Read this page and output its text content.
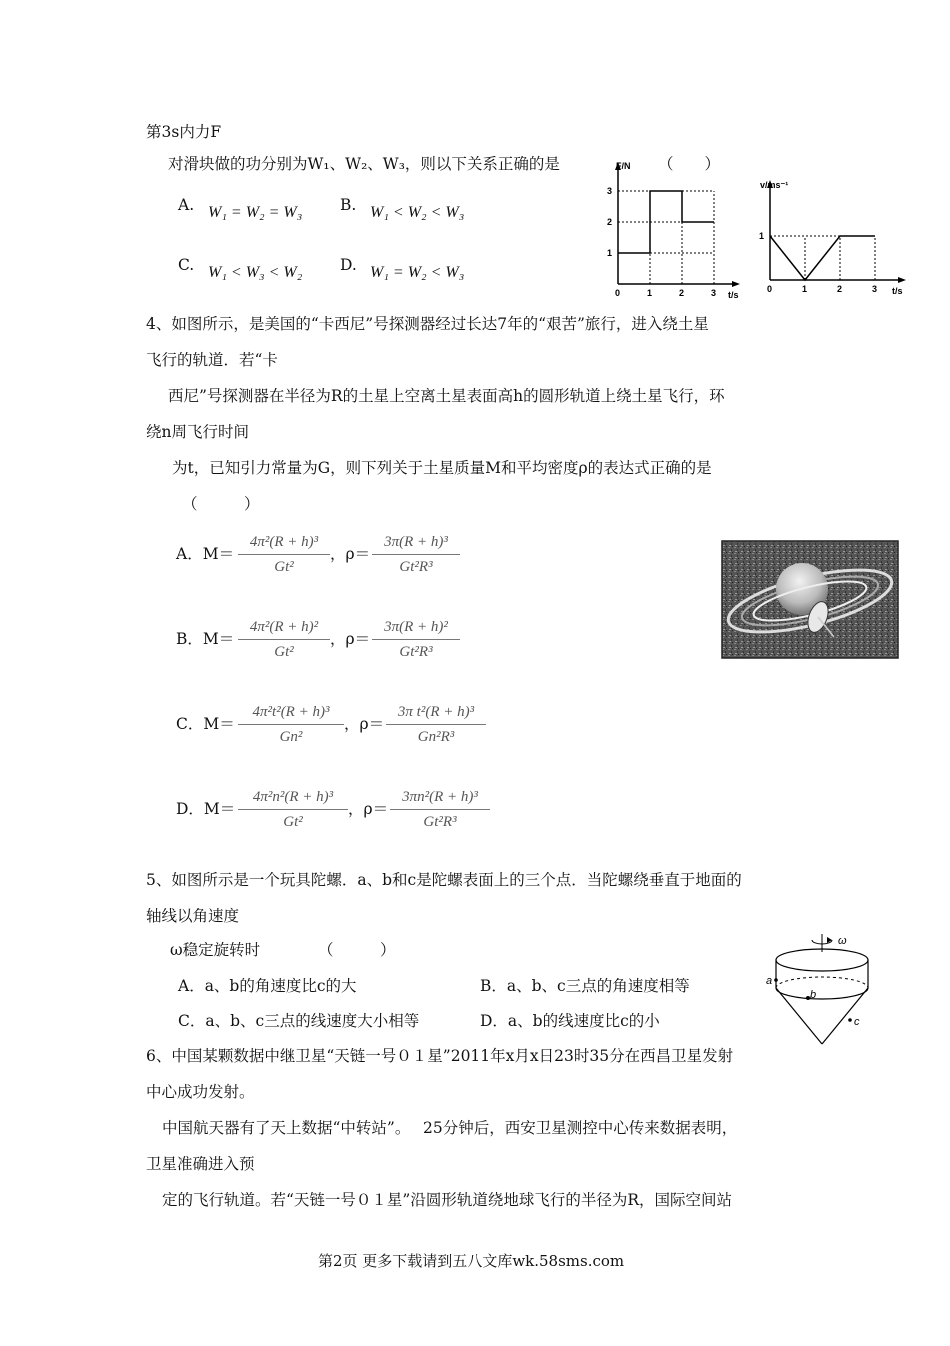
第3s内力F
对滑块做的功分别为W₁、W₂、W₃，则以下关系正确的是	（　　）
A. W₁ = W₂ = W₃ B. W₁ < W₂ < W₃
C. W₁ < W₃ < W₂ D. W₁ = W₂ < W₃
F/N
t/s
0	1	2	3
3
2
1
v/ms⁻¹
t/s
0	1	2	3
1
4、如图所示，是美国的“卡西尼”号探测器经过长达7年的“艰苦”旅行，进入绕土星
飞行的轨道．若“卡
西尼”号探测器在半径为R的土星上空离土星表面高h的圆形轨道上绕土星飞行，环
绕n周飞行时间
为t，已知引力常量为G，则下列关于土星质量M和平均密度ρ的表达式正确的是
（　　　）
A．$M= \frac{\text{4π²(R + h)³}}{\text{Gt²}}$ ，$\rho= \frac{\text{3π(R + h)³}}{\text{Gt²R³}}$
B．$M= \frac{\text{4π²(R + h)²}}{\text{Gt²}}$ ，$\rho= \frac{\text{3π(R + h)²}}{\text{Gt²R³}}$
C．$M= \frac{\text{4π²t²(R + h)³}}{\text{Gn²}}$ ，$\rho= \frac{\text{3π t²(R + h)³}}{\text{Gn²R³}}$
D．$M= \frac{\text{4π²n²(R + h)³}}{\text{Gt²}}$ ，$\rho= \frac{\text{3πn²(R + h)³}}{\text{Gt²R³}}$
5、如图所示是一个玩具陀螺．a、b和c是陀螺表面上的三个点．当陀螺绕垂直于地面的
轴线以角速度
ω稳定旋转时	（　　　）
A．a、b的角速度比c的大	B．a、b、c三点的角速度相等
C．a、b、c三点的线速度大小相等	D．a、b的线速度比c的小
ω
a
b
c
6、中国某颗数据中继卫星“天链一号０１星”2011年x月x日23时35分在西昌卫星发射
中心成功发射。
中国航天器有了天上数据“中转站”。　 25分钟后，西安卫星测控中心传来数据表明，
卫星准确进入预
定的飞行轨道。若“天链一号０１星”沿圆形轨道绕地球飞行的半径为R，国际空间站
第2页 更多下载请到五八文库wk.58sms.com
